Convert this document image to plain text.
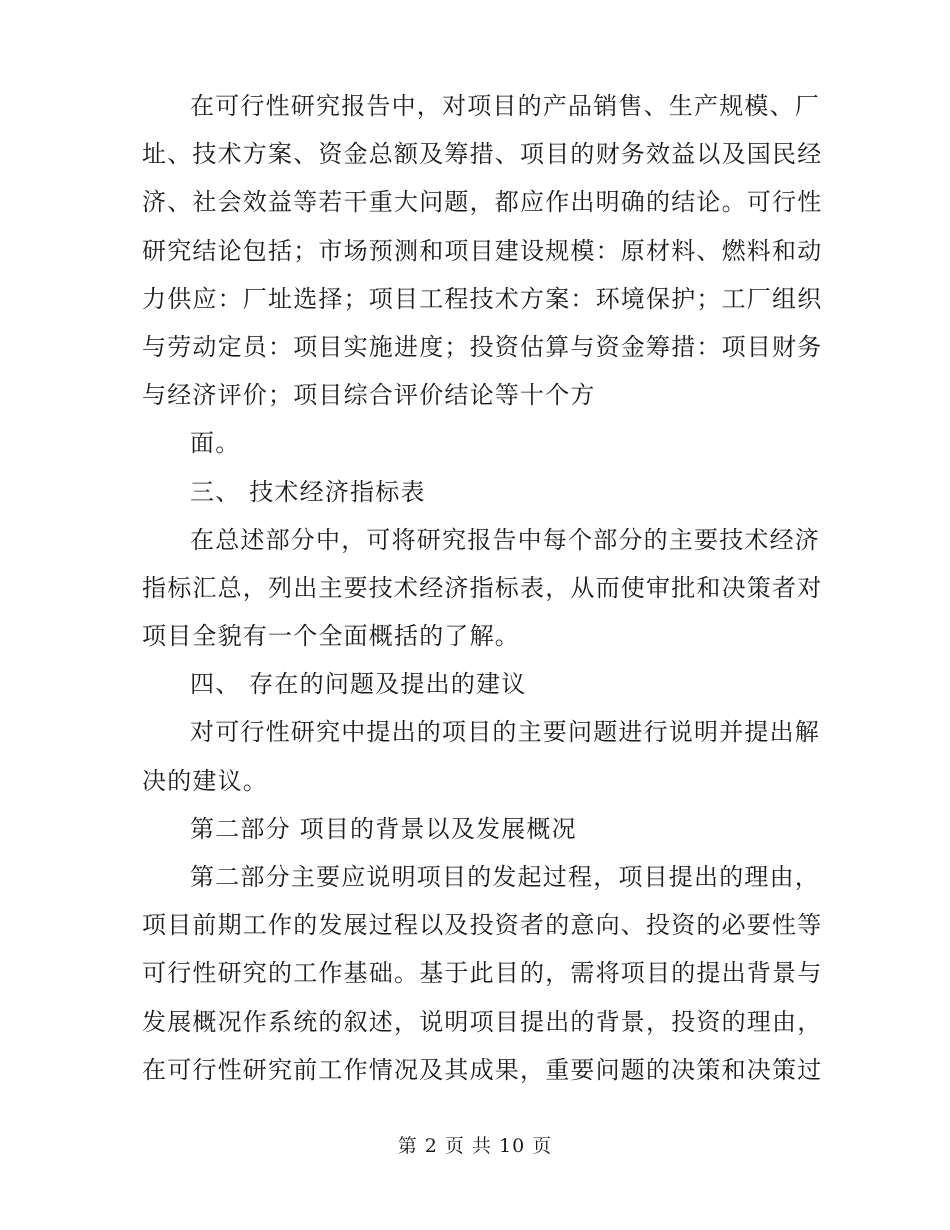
在可行性研究报告中，对项目的产品销售、生产规模、厂
址、技术方案、资金总额及筹措、项目的财务效益以及国民经
济、社会效益等若干重大问题，都应作出明确的结论。可行性
研究结论包括；市场预测和项目建设规模：原材料、燃料和动
力供应：厂址选择；项目工程技术方案：环境保护；工厂组织
与劳动定员：项目实施进度；投资估算与资金筹措：项目财务
与经济评价；项目综合评价结论等十个方
面。
三、 技术经济指标表
在总述部分中，可将研究报告中每个部分的主要技术经济
指标汇总，列出主要技术经济指标表，从而使审批和决策者对
项目全貌有一个全面概括的了解。
四、 存在的问题及提出的建议
对可行性研究中提出的项目的主要问题进行说明并提出解
决的建议。
第二部分 项目的背景以及发展概况
第二部分主要应说明项目的发起过程，项目提出的理由，
项目前期工作的发展过程以及投资者的意向、投资的必要性等
可行性研究的工作基础。基于此目的，需将项目的提出背景与
发展概况作系统的叙述，说明项目提出的背景，投资的理由，
在可行性研究前工作情况及其成果，重要问题的决策和决策过
第 2 页 共 10 页
